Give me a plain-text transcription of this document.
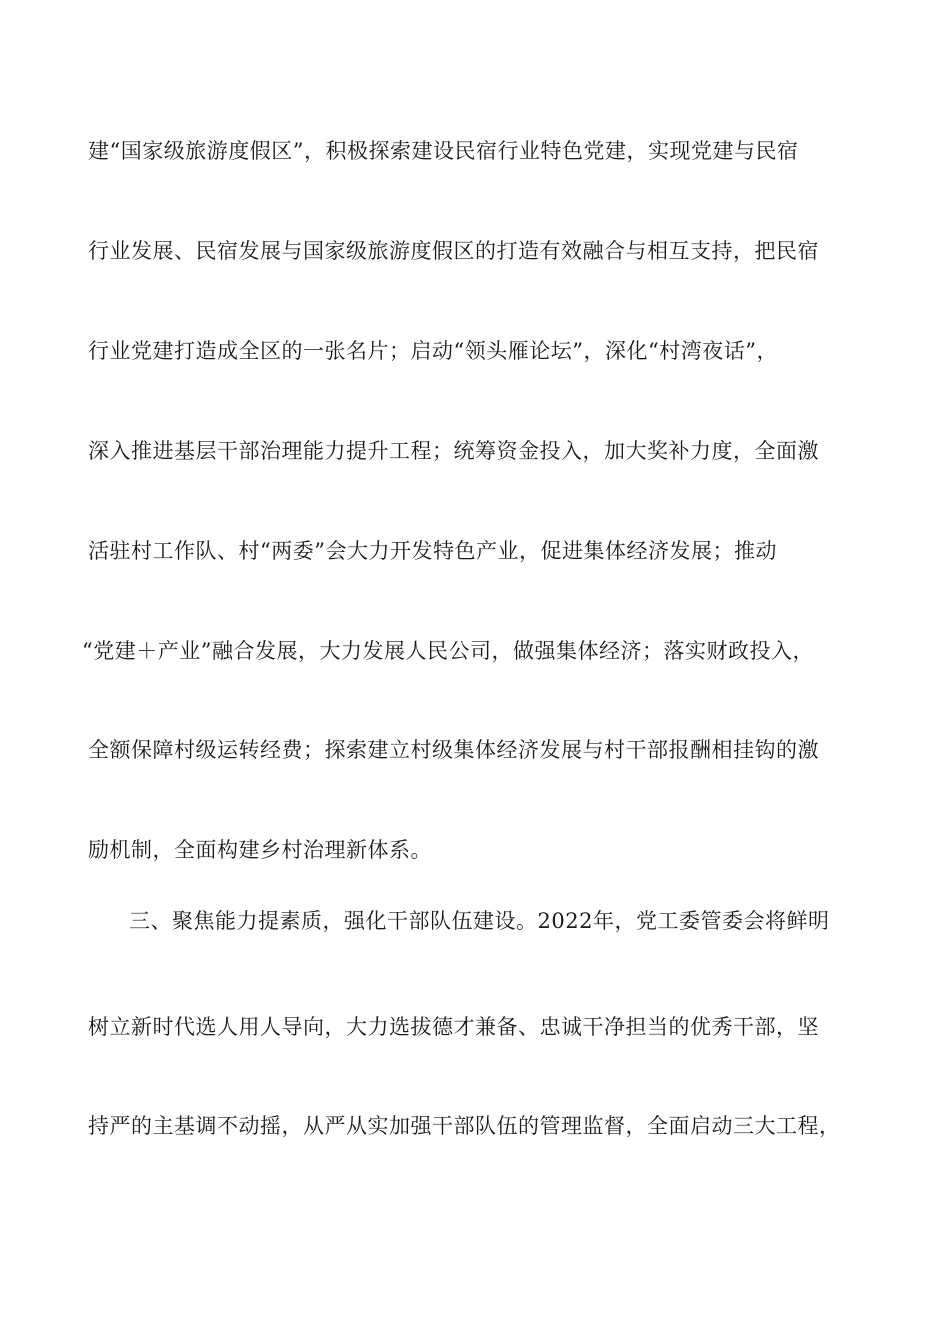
建“国家级旅游度假区”，积极探索建设民宿行业特色党建，实现党建与民宿
行业发展、民宿发展与国家级旅游度假区的打造有效融合与相互支持，把民宿
行业党建打造成全区的一张名片；启动“领头雁论坛”，深化“村湾夜话”，
深入推进基层干部治理能力提升工程；统筹资金投入，加大奖补力度，全面激
活驻村工作队、村“两委”会大力开发特色产业，促进集体经济发展；推动
“党建＋产业”融合发展，大力发展人民公司，做强集体经济；落实财政投入，
全额保障村级运转经费；探索建立村级集体经济发展与村干部报酬相挂钩的激
励机制，全面构建乡村治理新体系。
　　三、聚焦能力提素质，强化干部队伍建设。2022年，党工委管委会将鲜明
树立新时代选人用人导向，大力选拔德才兼备、忠诚干净担当的优秀干部，坚
持严的主基调不动摇，从严从实加强干部队伍的管理监督，全面启动三大工程，
